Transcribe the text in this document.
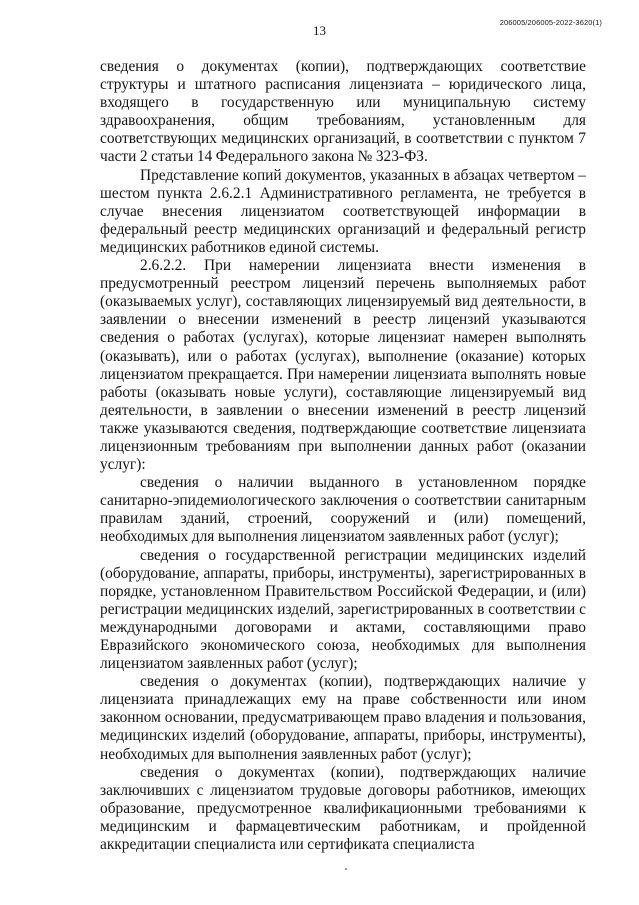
13
206005/206005-2022-3620(1)

сведения о документах (копии), подтверждающих соответствие структуры и штатного расписания лицензиата – юридического лица, входящего в государственную или муниципальную систему здравоохранения, общим требованиям, установленным для соответствующих медицинских организаций, в соответствии с пунктом 7 части 2 статьи 14 Федерального закона № 323-ФЗ.

Представление копий документов, указанных в абзацах четвертом – шестом пункта 2.6.2.1 Административного регламента, не требуется в случае внесения лицензиатом соответствующей информации в федеральный реестр медицинских организаций и федеральный регистр медицинских работников единой системы.

2.6.2.2. При намерении лицензиата внести изменения в предусмотренный реестром лицензий перечень выполняемых работ (оказываемых услуг), составляющих лицензируемый вид деятельности, в заявлении о внесении изменений в реестр лицензий указываются сведения о работах (услугах), которые лицензиат намерен выполнять (оказывать), или о работах (услугах), выполнение (оказание) которых лицензиатом прекращается. При намерении лицензиата выполнять новые работы (оказывать новые услуги), составляющие лицензируемый вид деятельности, в заявлении о внесении изменений в реестр лицензий также указываются сведения, подтверждающие соответствие лицензиата лицензионным требованиям при выполнении данных работ (оказании услуг):

сведения о наличии выданного в установленном порядке санитарно-эпидемиологического заключения о соответствии санитарным правилам зданий, строений, сооружений и (или) помещений, необходимых для выполнения лицензиатом заявленных работ (услуг);

сведения о государственной регистрации медицинских изделий (оборудование, аппараты, приборы, инструменты), зарегистрированных в порядке, установленном Правительством Российской Федерации, и (или) регистрации медицинских изделий, зарегистрированных в соответствии с международными договорами и актами, составляющими право Евразийского экономического союза, необходимых для выполнения лицензиатом заявленных работ (услуг);

сведения о документах (копии), подтверждающих наличие у лицензиата принадлежащих ему на праве собственности или ином законном основании, предусматривающем право владения и пользования, медицинских изделий (оборудование, аппараты, приборы, инструменты), необходимых для выполнения заявленных работ (услуг);

сведения о документах (копии), подтверждающих наличие заключивших с лицензиатом трудовые договоры работников, имеющих образование, предусмотренное квалификационными требованиями к медицинским и фармацевтическим работникам, и пройденной аккредитации специалиста или сертификата специалиста
